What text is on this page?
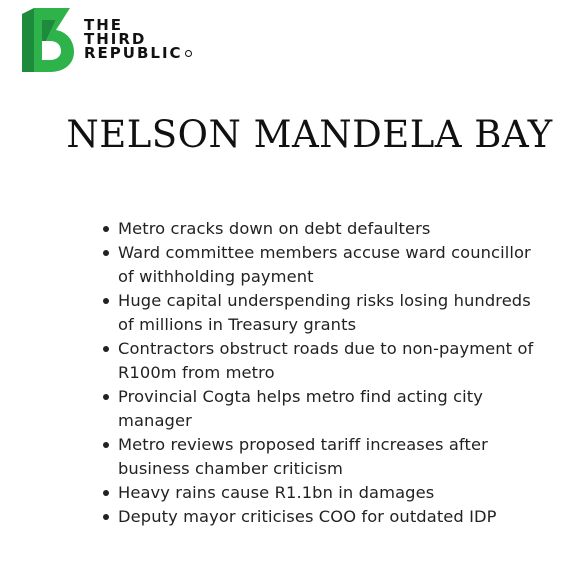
THE
THIRD
REPUBLIC
NELSON MANDELA BAY
Metro cracks down on debt defaulters
Ward committee members accuse ward councillor of withholding payment
Huge capital underspending risks losing hundreds of millions in Treasury grants
Contractors obstruct roads due to non-payment of R100m from metro
Provincial Cogta helps metro find acting city manager
Metro reviews proposed tariff increases after business chamber criticism
Heavy rains cause R1.1bn in damages
Deputy mayor criticises COO for outdated IDP
